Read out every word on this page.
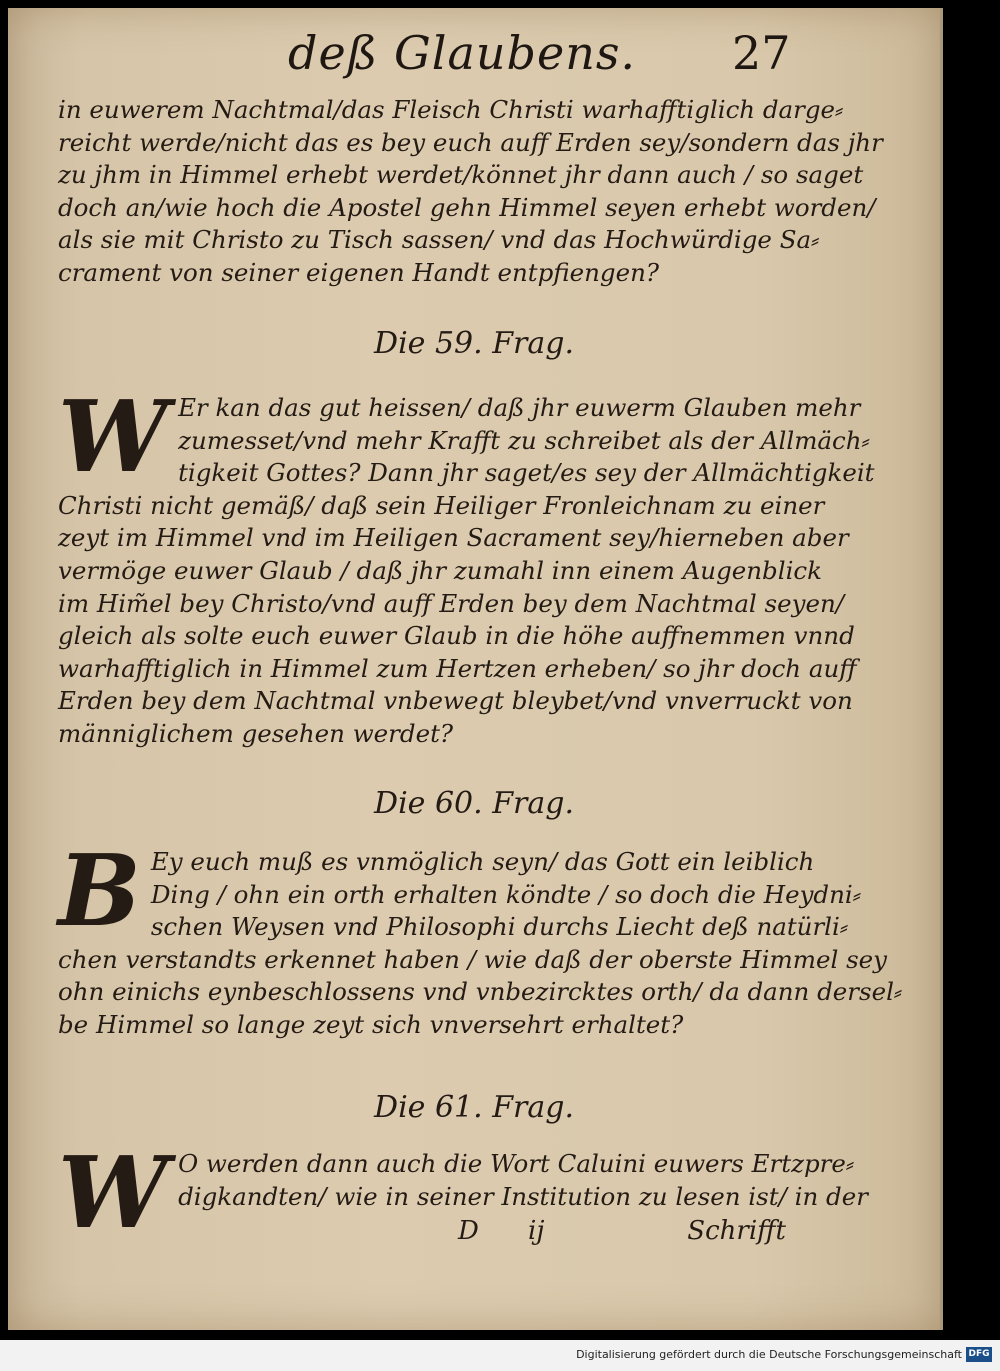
deß Glaubens. 27
in euwerem Nachtmal/das Fleisch Christi warhafftiglich darge⸗
reicht werde/nicht das es bey euch auff Erden sey/sondern das jhr
zu jhm in Himmel erhebt werdet/könnet jhr dann auch / so saget
doch an/wie hoch die Apostel gehn Himmel seyen erhebt worden/
als sie mit Christo zu Tisch sassen/ vnd das Hochwürdige Sa⸗
crament von seiner eigenen Handt entpfiengen?
Die 59. Frag.
W Er kan das gut heissen/ daß jhr euwerm Glauben mehr
zumesset/vnd mehr Krafft zu schreibet als der Allmäch⸗
tigkeit Gottes? Dann jhr saget/es sey der Allmächtigkeit
Christi nicht gemäß/ daß sein Heiliger Fronleichnam zu einer
zeyt im Himmel vnd im Heiligen Sacrament sey/hierneben aber
vermöge euwer Glaub / daß jhr zumahl inn einem Augenblick
im Him̃el bey Christo/vnd auff Erden bey dem Nachtmal seyen/
gleich als solte euch euwer Glaub in die höhe auffnemmen vnnd
warhafftiglich in Himmel zum Hertzen erheben/ so jhr doch auff
Erden bey dem Nachtmal vnbewegt bleybet/vnd vnverruckt von
männiglichem gesehen werdet?
Die 60. Frag.
B Ey euch muß es vnmöglich seyn/ das Gott ein leiblich
Ding / ohn ein orth erhalten köndte / so doch die Heydni⸗
schen Weysen vnd Philosophi durchs Liecht deß natürli⸗
chen verstandts erkennet haben / wie daß der oberste Himmel sey
ohn einichs eynbeschlossens vnd vnbezircktes orth/ da dann dersel⸗
be Himmel so lange zeyt sich vnversehrt erhaltet?
Die 61. Frag.
W O werden dann auch die Wort Caluini euwers Ertzpre⸗
digkandten/ wie in seiner Institution zu lesen ist/ in der
D ij	Schrifft
Digitalisierung gefördert durch die Deutsche Forschungsgemeinschaft DFG
